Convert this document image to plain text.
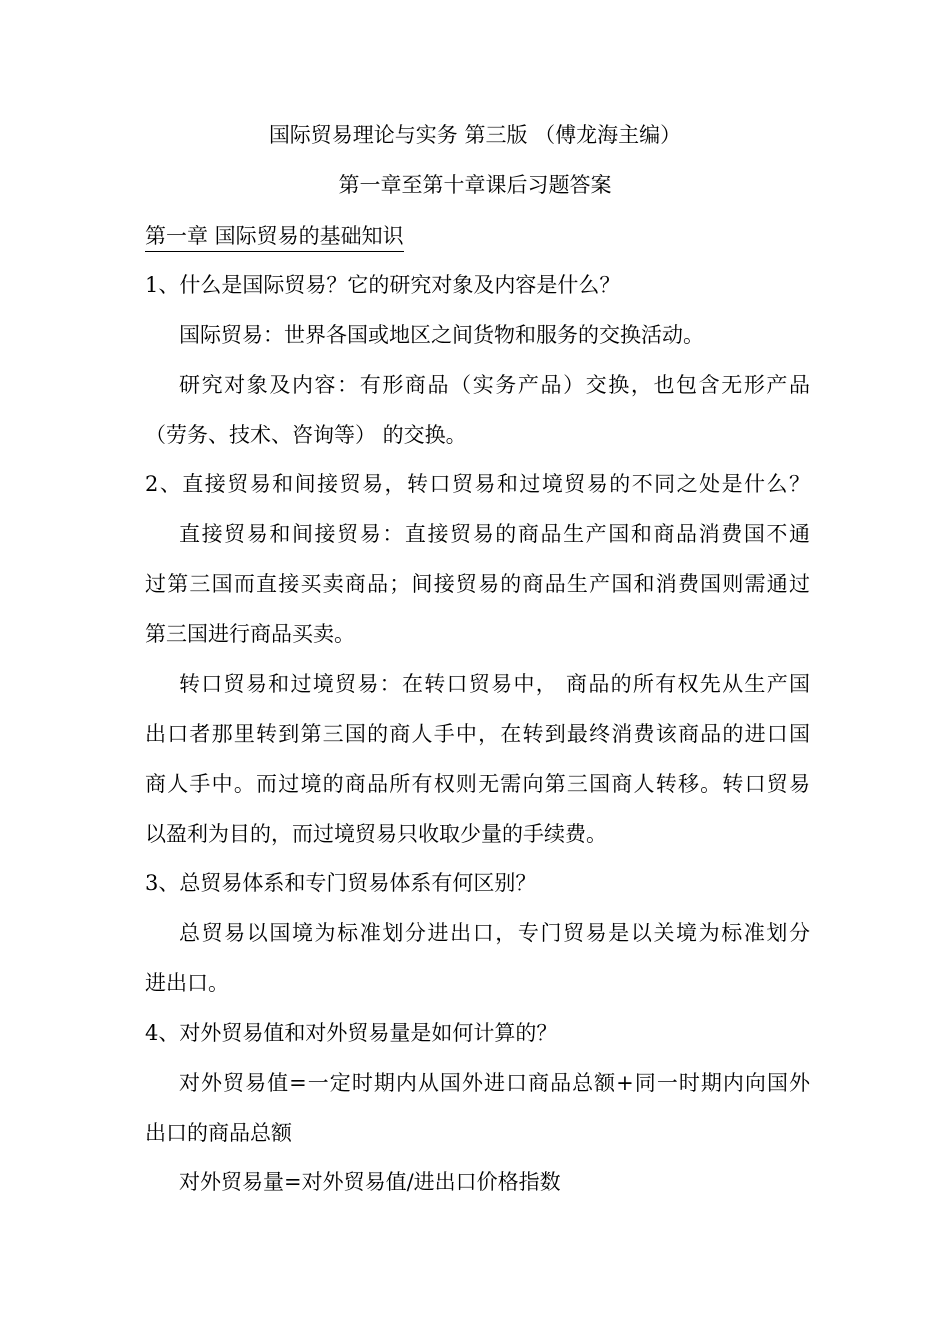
国际贸易理论与实务 第三版 （傅龙海主编）
第一章至第十章课后习题答案
第一章 国际贸易的基础知识
1、什么是国际贸易？它的研究对象及内容是什么？
国际贸易：世界各国或地区之间货物和服务的交换活动。
研究对象及内容：有形商品（实务产品）交换，也包含无形产品
（劳务、技术、咨询等） 的交换。
2、直接贸易和间接贸易，转口贸易和过境贸易的不同之处是什么？
直接贸易和间接贸易：直接贸易的商品生产国和商品消费国不通
过第三国而直接买卖商品；间接贸易的商品生产国和消费国则需通过
第三国进行商品买卖。
转口贸易和过境贸易：在转口贸易中， 商品的所有权先从生产国
出口者那里转到第三国的商人手中，在转到最终消费该商品的进口国
商人手中。而过境的商品所有权则无需向第三国商人转移。转口贸易
以盈利为目的，而过境贸易只收取少量的手续费。
3、总贸易体系和专门贸易体系有何区别？
总贸易以国境为标准划分进出口，专门贸易是以关境为标准划分
进出口。
4、对外贸易值和对外贸易量是如何计算的？
对外贸易值=一定时期内从国外进口商品总额+同一时期内向国外
出口的商品总额
对外贸易量=对外贸易值/进出口价格指数
